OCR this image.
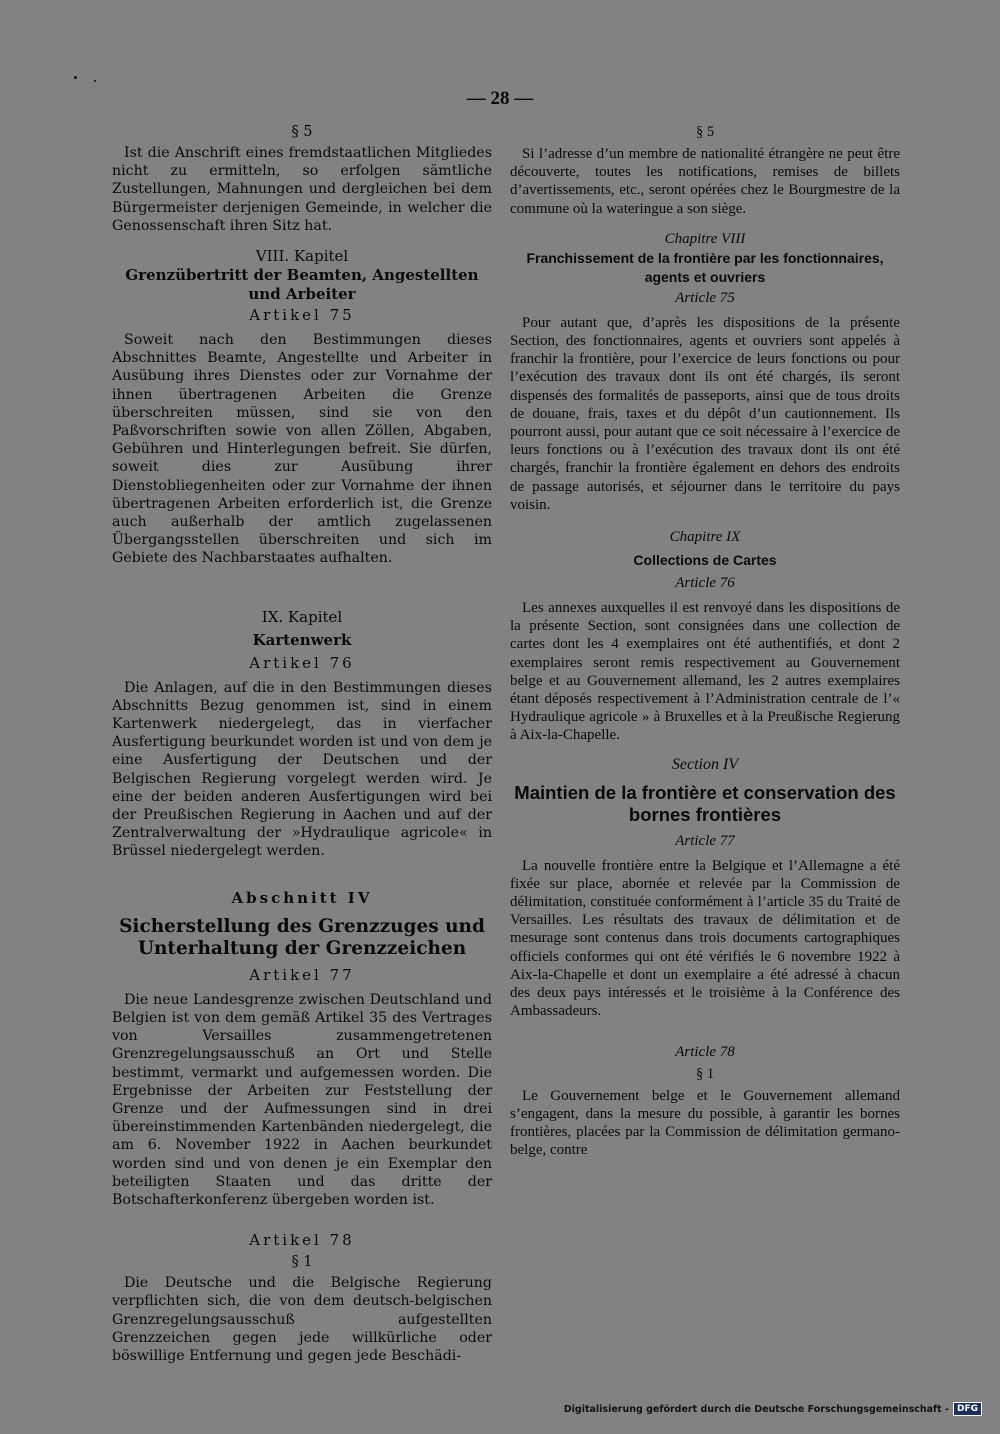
— 28 —

§ 5

Ist die Anschrift eines fremdstaatlichen Mitgliedes nicht zu ermitteln, so erfolgen sämtliche Zustellungen, Mahnungen und dergleichen bei dem Bürgermeister derjenigen Gemeinde, in welcher die Genossenschaft ihren Sitz hat.

VIII. Kapitel

Grenzübertritt der Beamten, Angestellten und Arbeiter

Artikel 75

Soweit nach den Bestimmungen dieses Abschnittes Beamte, Angestellte und Arbeiter in Ausübung ihres Dienstes oder zur Vornahme der ihnen übertragenen Arbeiten die Grenze überschreiten müssen, sind sie von den Paßvorschriften sowie von allen Zöllen, Abgaben, Gebühren und Hinterlegungen befreit. Sie dürfen, soweit dies zur Ausübung ihrer Dienstobliegenheiten oder zur Vornahme der ihnen übertragenen Arbeiten erforderlich ist, die Grenze auch außerhalb der amtlich zugelassenen Übergangsstellen überschreiten und sich im Gebiete des Nachbarstaates aufhalten.

IX. Kapitel

Kartenwerk

Artikel 76

Die Anlagen, auf die in den Bestimmungen dieses Abschnitts Bezug genommen ist, sind in einem Kartenwerk niedergelegt, das in vierfacher Ausfertigung beurkundet worden ist und von dem je eine Ausfertigung der Deutschen und der Belgischen Regierung vorgelegt werden wird. Je eine der beiden anderen Ausfertigungen wird bei der Preußischen Regierung in Aachen und auf der Zentralverwaltung der »Hydraulique agricole« in Brüssel niedergelegt werden.

Abschnitt IV

Sicherstellung des Grenzzuges und Unterhaltung der Grenzzeichen

Artikel 77

Die neue Landesgrenze zwischen Deutschland und Belgien ist von dem gemäß Artikel 35 des Vertrages von Versailles zusammengetretenen Grenzregelungsausschuß an Ort und Stelle bestimmt, vermarkt und aufgemessen worden. Die Ergebnisse der Arbeiten zur Feststellung der Grenze und der Aufmessungen sind in drei übereinstimmenden Kartenbänden niedergelegt, die am 6. November 1922 in Aachen beurkundet worden sind und von denen je ein Exemplar den beteiligten Staaten und das dritte der Botschafterkonferenz übergeben worden ist.

Artikel 78

§ 1

Die Deutsche und die Belgische Regierung verpflichten sich, die von dem deutsch-belgischen Grenzregelungsausschuß aufgestellten Grenzzeichen gegen jede willkürliche oder böswillige Entfernung und gegen jede Beschädi-

§ 5

Si l’adresse d’un membre de nationalité étrangère ne peut être découverte, toutes les notifications, remises de billets d’avertissements, etc., seront opérées chez le Bourgmestre de la commune où la wateringue a son siège.

Chapitre VIII

Franchissement de la frontière par les fonctionnaires, agents et ouvriers

Article 75

Pour autant que, d’après les dispositions de la présente Section, des fonctionnaires, agents et ouvriers sont appelés à franchir la frontière, pour l’exercice de leurs fonctions ou pour l’exécution des travaux dont ils ont été chargés, ils seront dispensés des formalités de passeports, ainsi que de tous droits de douane, frais, taxes et du dépôt d’un cautionnement. Ils pourront aussi, pour autant que ce soit nécessaire à l’exercice de leurs fonctions ou à l’exécution des travaux dont ils ont été chargés, franchir la frontière également en dehors des endroits de passage autorisés, et séjourner dans le territoire du pays voisin.

Chapitre IX

Collections de Cartes

Article 76

Les annexes auxquelles il est renvoyé dans les dispositions de la présente Section, sont consignées dans une collection de cartes dont les 4 exemplaires ont été authentifiés, et dont 2 exemplaires seront remis respectivement au Gouvernement belge et au Gouvernement allemand, les 2 autres exemplaires étant déposés respectivement à l’Administration centrale de l’« Hydraulique agricole » à Bruxelles et à la Preußische Regierung à Aix-la-Chapelle.

Section IV

Maintien de la frontière et conservation des bornes frontières

Article 77

La nouvelle frontière entre la Belgique et l’Allemagne a été fixée sur place, abornée et relevée par la Commission de délimitation, constituée conformément à l’article 35 du Traité de Versailles. Les résultats des travaux de délimitation et de mesurage sont contenus dans trois documents cartographiques officiels conformes qui ont été vérifiés le 6 novembre 1922 à Aix-la-Chapelle et dont un exemplaire a été adressé à chacun des deux pays intéressés et le troisième à la Conférence des Ambassadeurs.

Article 78

§ 1

Le Gouvernement belge et le Gouvernement allemand s’engagent, dans la mesure du possible, à garantir les bornes frontières, placées par la Commission de délimitation germano-belge, contre

Digitalisierung gefördert durch die Deutsche Forschungsgemeinschaft - DFG
